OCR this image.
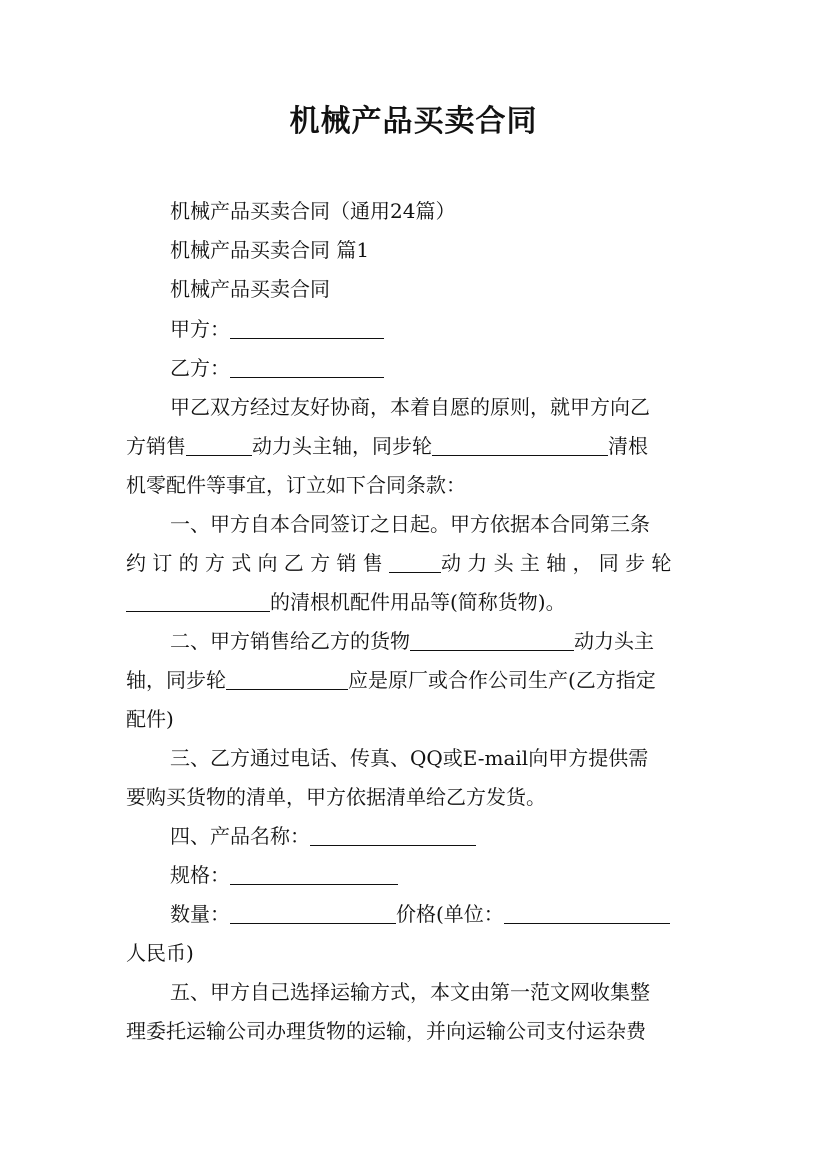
机械产品买卖合同
机械产品买卖合同（通用24篇）
机械产品买卖合同 篇1
机械产品买卖合同
甲方：
乙方：
甲乙双方经过友好协商，本着自愿的原则，就甲方向乙
方销售	动力头主轴，同步轮	清根
机零配件等事宜，订立如下合同条款：
一、甲方自本合同签订之日起。甲方依据本合同第三条
约订的方式向乙方销售	动力头主轴，同步轮
的清根机配件用品等(简称货物)。
二、甲方销售给乙方的货物	动力头主
轴，同步轮	应是原厂或合作公司生产(乙方指定
配件)
三、乙方通过电话、传真、QQ或E-mail向甲方提供需
要购买货物的清单，甲方依据清单给乙方发货。
四、产品名称：
规格：
数量：	价格(单位：
人民币)
五、甲方自己选择运输方式，本文由第一范文网收集整
理委托运输公司办理货物的运输，并向运输公司支付运杂费
